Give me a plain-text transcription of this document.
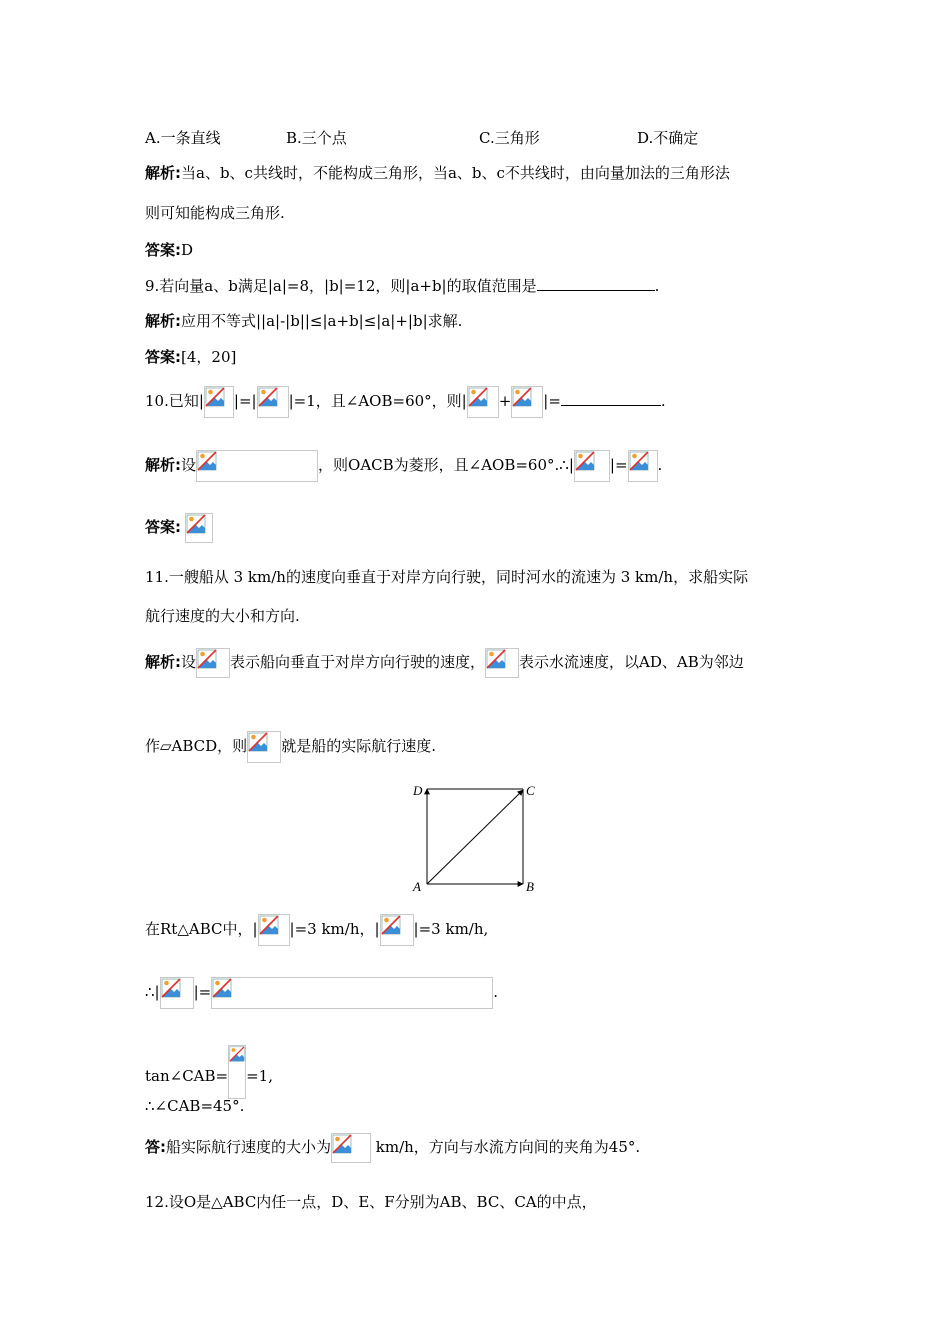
A.一条直线	B.三个点	C.三角形	D.不确定
解析:当a、b、c共线时，不能构成三角形，当a、b、c不共线时，由向量加法的三角形法
则可知能构成三角形.
答案:D
9.若向量a、b满足|a|=8，|b|=12，则|a+b|的取值范围是	.
解析:应用不等式||a|-|b||≤|a+b|≤|a|+|b|求解.
答案:[4，20]
10.已知| |=| |=1，且∠AOB=60°，则| + |=	.
解析:设	，则OACB为菱形，且∠AOB=60°.∴| |= .
答案:
11.一艘船从 3 km/h的速度向垂直于对岸方向行驶，同时河水的流速为 3 km/h，求船实际
航行速度的大小和方向.
解析:设 表示船向垂直于对岸方向行驶的速度， 表示水流速度，以AD、AB为邻边
作▱ABCD，则 就是船的实际航行速度.
D	C
A	B
在Rt△ABC中，| |=3 km/h，| |=3 km/h,
∴| |=	.
tan∠CAB= =1,
∴∠CAB=45°.
答:船实际航行速度的大小为	km/h，方向与水流方向间的夹角为45°.
12.设O是△ABC内任一点，D、E、F分别为AB、BC、CA的中点，
